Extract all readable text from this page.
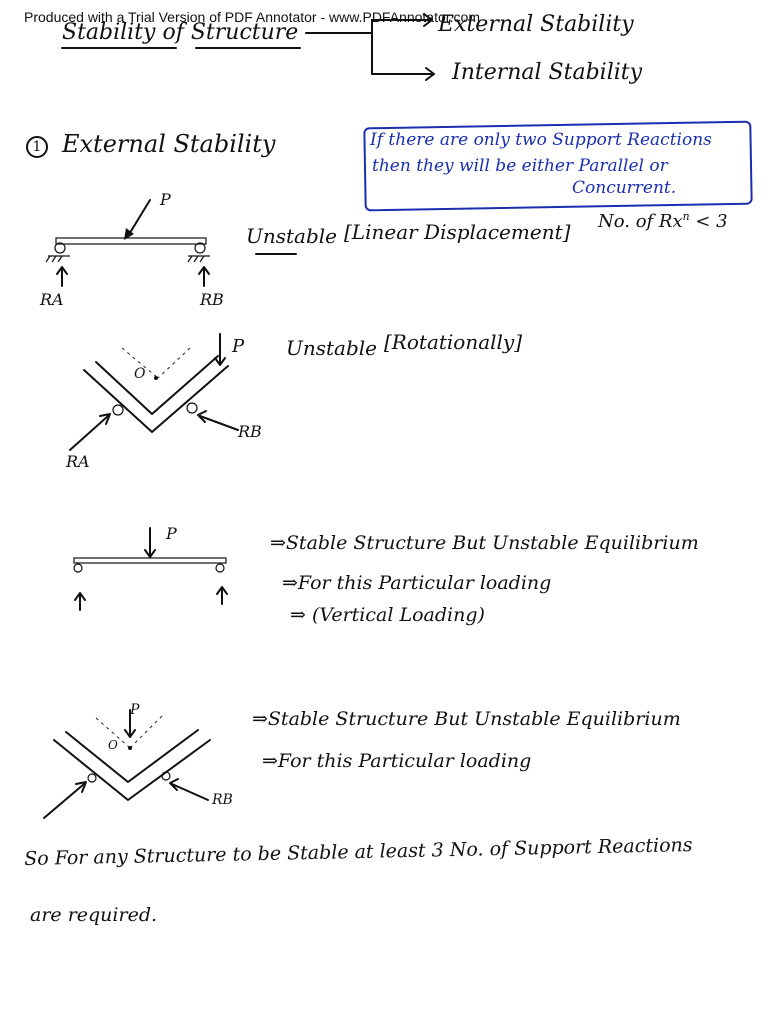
Produced with a Trial Version of PDF Annotator - www.PDFAnnotator.com
Stability of Structure	External Stability
Internal Stability
1 External Stability	If there are only two Support Reactions
then they will be either Parallel or
Concurrent.
P
Unstable [Linear Displacement] No. of $Rx^n < 3$
RA	RB
P Unstable [Rotationally]
O
RA
RB
P	⇒Stable Structure But Unstable Equilibrium
⇒For this Particular loading
⇒ (Vertical Loading)
P
O
RB
⇒Stable Structure But Unstable Equilibrium
⇒For this Particular loading
So For any Structure to be Stable at least 3 No. of Support Reactions
are required.
